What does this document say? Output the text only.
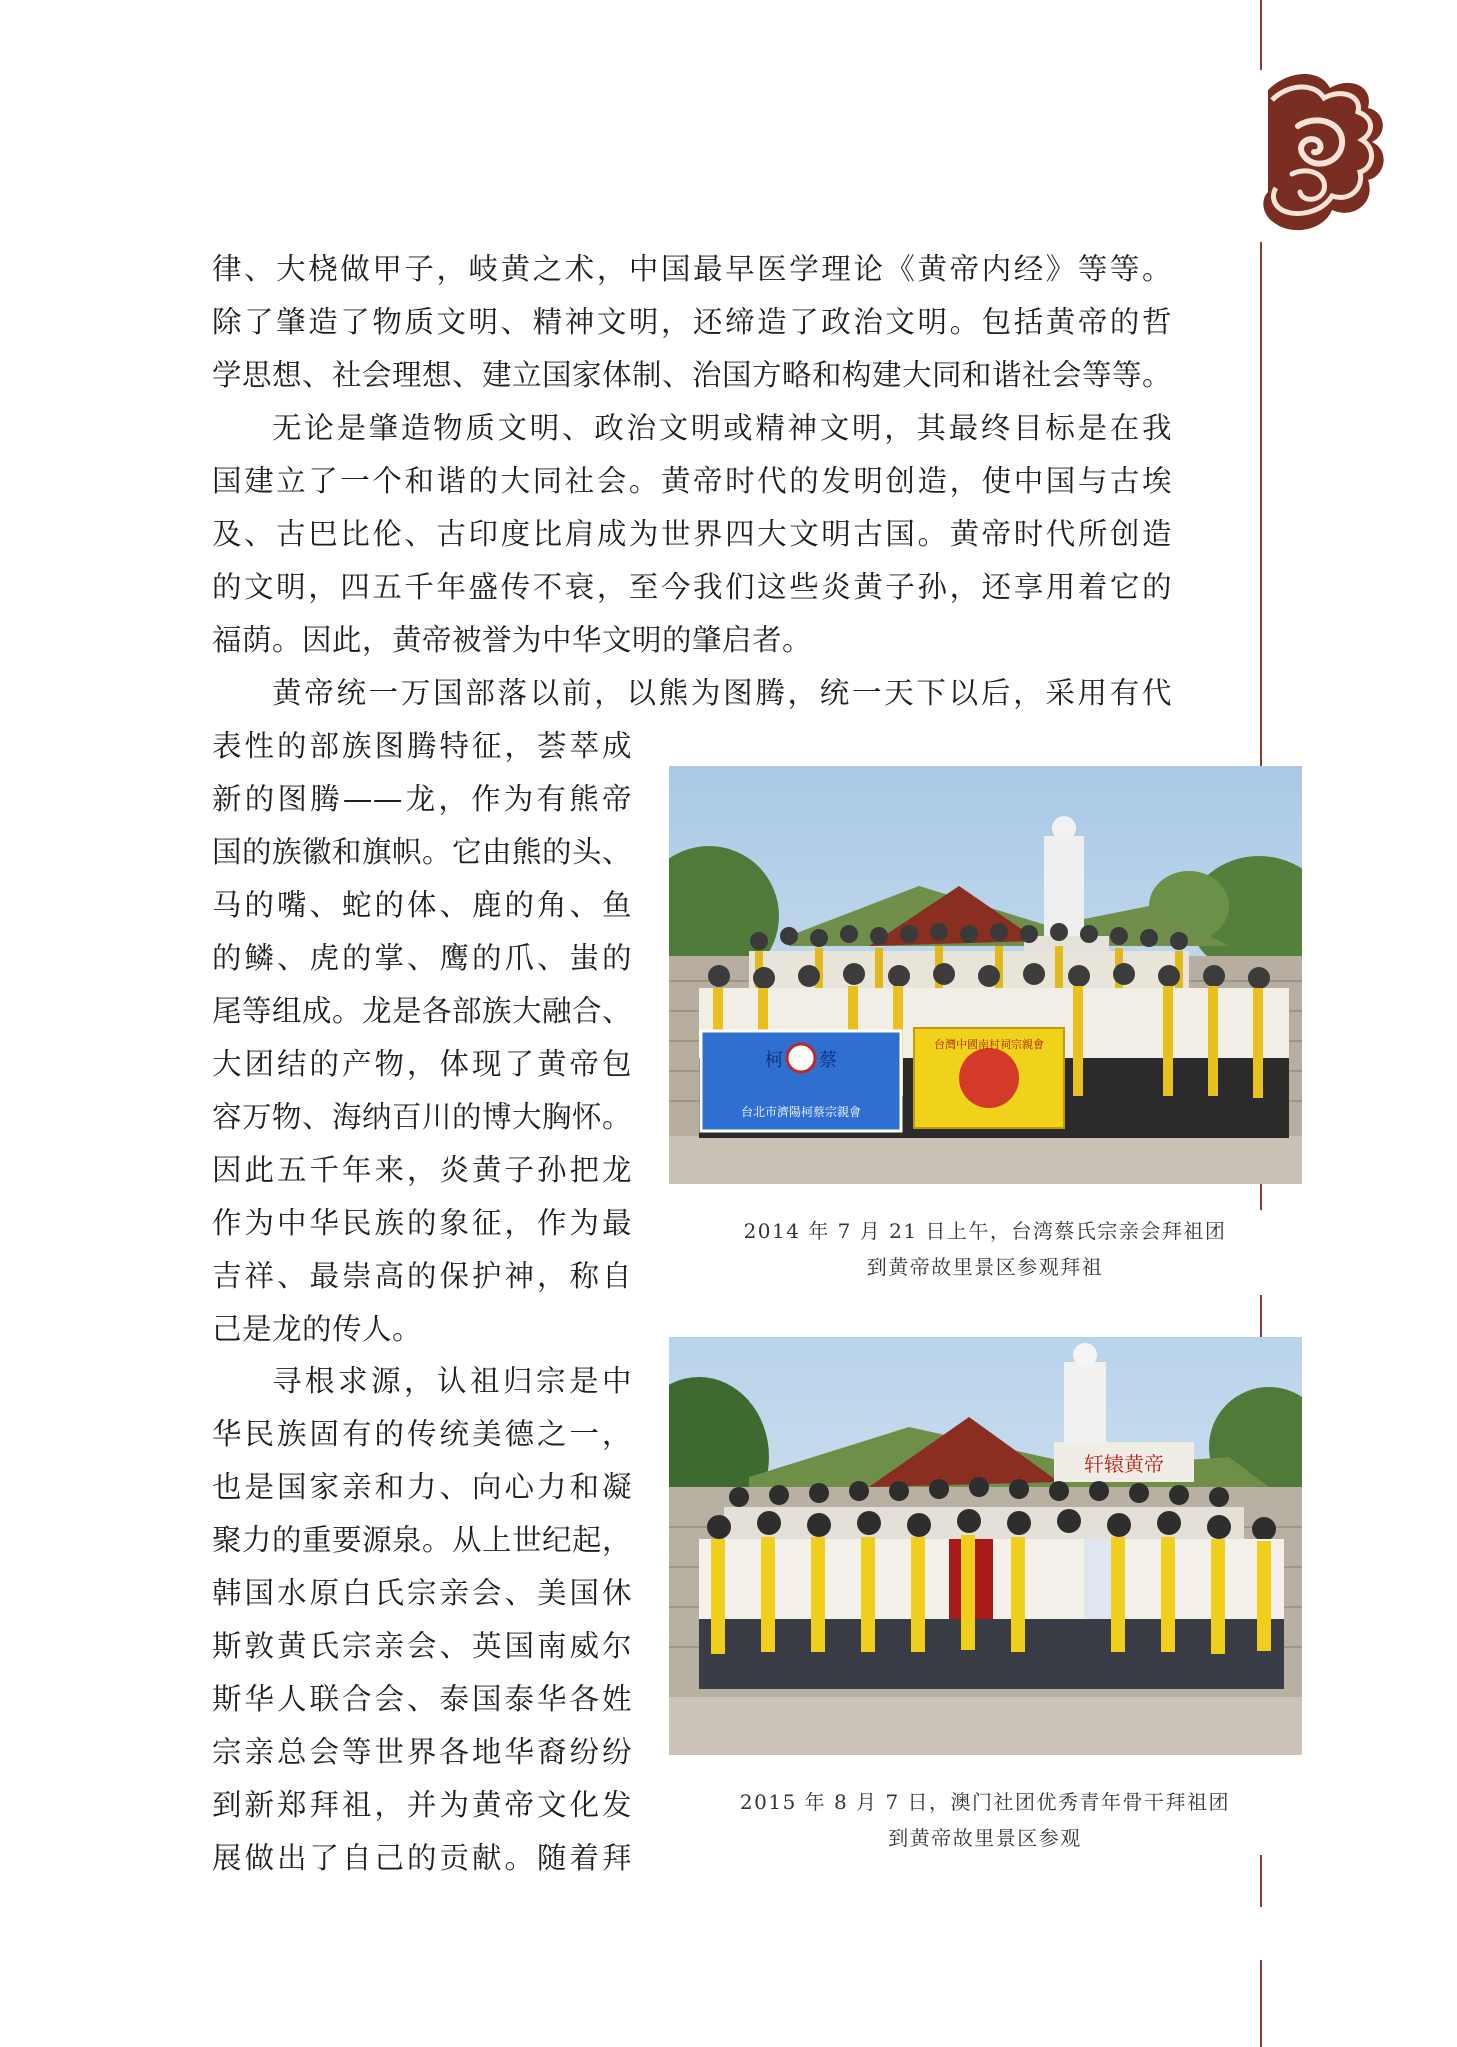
律、大桡做甲子，岐黄之术，中国最早医学理论《黄帝内经》等等。
除了肇造了物质文明、精神文明，还缔造了政治文明。包括黄帝的哲
学思想、社会理想、建立国家体制、治国方略和构建大同和谐社会等等。
无论是肇造物质文明、政治文明或精神文明，其最终目标是在我
国建立了一个和谐的大同社会。黄帝时代的发明创造，使中国与古埃
及、古巴比伦、古印度比肩成为世界四大文明古国。黄帝时代所创造
的文明，四五千年盛传不衰，至今我们这些炎黄子孙，还享用着它的
福荫。因此，黄帝被誉为中华文明的肇启者。
黄帝统一万国部落以前，以熊为图腾，统一天下以后，采用有代
表性的部族图腾特征，荟萃成
新的图腾——龙，作为有熊帝
国的族徽和旗帜。它由熊的头、
马的嘴、蛇的体、鹿的角、鱼
的鳞、虎的掌、鹰的爪、蚩的
尾等组成。龙是各部族大融合、
大团结的产物，体现了黄帝包
容万物、海纳百川的博大胸怀。
因此五千年来，炎黄子孙把龙
作为中华民族的象征，作为最
吉祥、最崇高的保护神，称自
己是龙的传人。
寻根求源，认祖归宗是中
华民族固有的传统美德之一，
也是国家亲和力、向心力和凝
聚力的重要源泉。从上世纪起，
韩国水原白氏宗亲会、美国休
斯敦黄氏宗亲会、英国南威尔
斯华人联合会、泰国泰华各姓
宗亲总会等世界各地华裔纷纷
到新郑拜祖，并为黄帝文化发
展做出了自己的贡献。随着拜
柯　　蔡
台北市濟陽柯蔡宗親會
台灣中國南村祠宗親會
2014 年 7 月 21 日上午，台湾蔡氏宗亲会拜祖团
到黄帝故里景区参观拜祖
轩辕黄帝
2015 年 8 月 7 日，澳门社团优秀青年骨干拜祖团
到黄帝故里景区参观
